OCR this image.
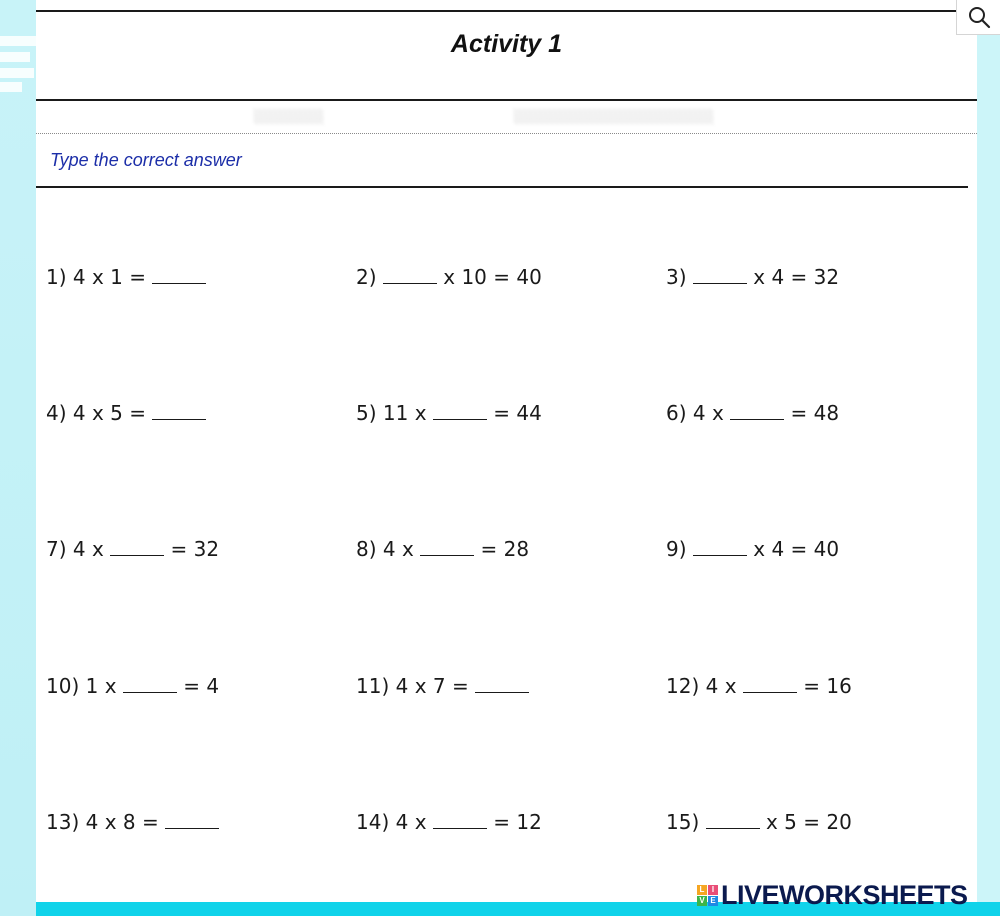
Activity 1
░░░░░░░	░░░░░░░░░░░░░░░░░░░░
Type the correct answer
1) 4 x 1 =	2)	x 10 = 40	3)	x 4 = 32
4) 4 x 5 =	5) 11 x	= 44	6) 4 x	= 48
7) 4 x	= 32	8) 4 x	= 28	9)	x 4 = 40
10) 1 x	= 4	11) 4 x 7 =	12) 4 x	= 16
13) 4 x 8 =	14) 4 x	= 12	15)	x 5 = 20
L I
V E LIVEWORKSHEETS
